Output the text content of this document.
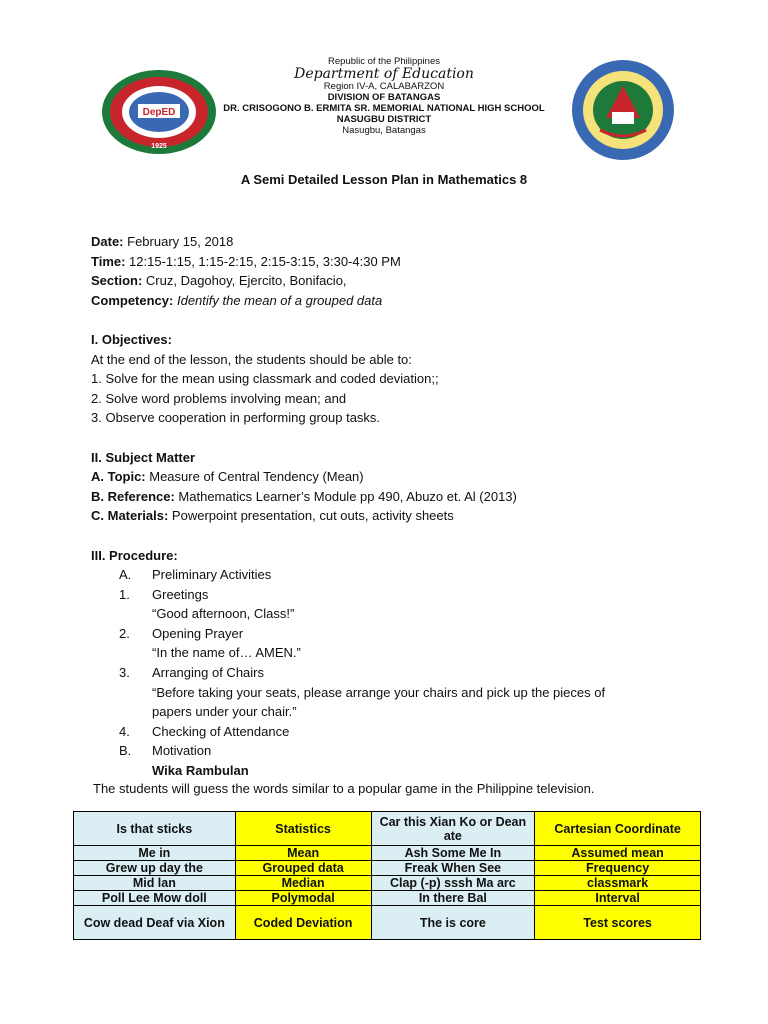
DepED
1925
Republic of the Philippines
Department of Education
Region IV-A, CALABARZON
DIVISION OF BATANGAS
DR. CRISOGONO B. ERMITA SR. MEMORIAL NATIONAL HIGH SCHOOL
NASUGBU DISTRICT
Nasugbu, Batangas
A Semi Detailed Lesson Plan in Mathematics 8
Date: February 15, 2018
Time: 12:15-1:15, 1:15-2:15, 2:15-3:15, 3:30-4:30 PM
Section: Cruz, Dagohoy, Ejercito, Bonifacio,
Competency: Identify the mean of a grouped data
I. Objectives:
At the end of the lesson, the students should be able to:
1. Solve for the mean using classmark and coded deviation;;
2. Solve word problems involving mean; and
3. Observe cooperation in performing group tasks.
II. Subject Matter
A. Topic: Measure of Central Tendency (Mean)
B. Reference: Mathematics Learner’s Module pp 490, Abuzo et. Al (2013)
C. Materials: Powerpoint presentation, cut outs, activity sheets
III. Procedure:
A. Preliminary Activities
1. Greetings
“Good afternoon, Class!”
2. Opening Prayer
“In the name of… AMEN.”
3. Arranging of Chairs
“Before taking your seats, please arrange your chairs and pick up the pieces of
papers under your chair.”
4. Checking of Attendance
B. Motivation
Wika Rambulan
The students will guess the words similar to a popular game in the Philippine television.
Is that sticks	Statistics	Car this Xian Ko or Dean ate	Cartesian Coordinate
Me in	Mean	Ash Some Me In	Assumed mean
Grew up day the	Grouped data	Freak When See	Frequency
Mid lan	Median	Clap (-p) sssh Ma arc	classmark
Poll Lee Mow doll	Polymodal	In there Bal	Interval
Cow dead Deaf via Xion	Coded Deviation	The is core	Test scores
